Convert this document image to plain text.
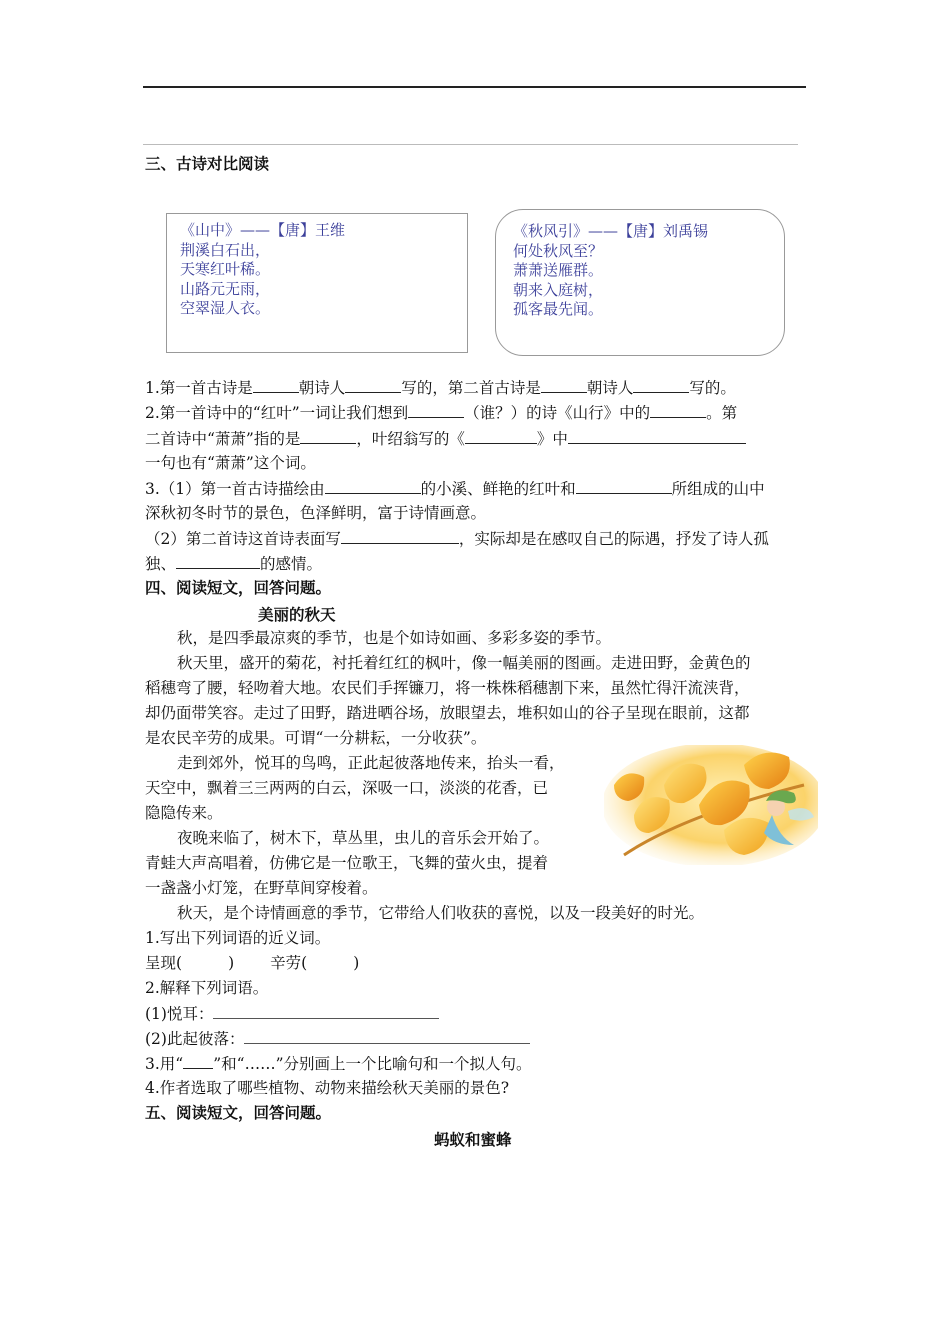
三、古诗对比阅读
《山中》——【唐】王维
荆溪白石出，
天寒红叶稀。
山路元无雨，
空翠湿人衣。
《秋风引》——【唐】刘禹锡
何处秋风至？
萧萧送雁群。
朝来入庭树，
孤客最先闻。
1.第一首古诗是	朝诗人	写的，第二首古诗是	朝诗人	写的。
2.第一首诗中的“红叶”一词让我们想到	（谁？）的诗《山行》中的	。第
二首诗中“萧萧”指的是	，叶绍翁写的《	》中
一句也有“萧萧”这个词。
3.（1）第一首古诗描绘由	的小溪、鲜艳的红叶和	所组成的山中
深秋初冬时节的景色，色泽鲜明，富于诗情画意。
（2）第二首诗这首诗表面写	，实际却是在感叹自己的际遇，抒发了诗人孤
独、	的感情。
四、阅读短文，回答问题。
美丽的秋天
秋，是四季最凉爽的季节，也是个如诗如画、多彩多姿的季节。
秋天里，盛开的菊花，衬托着红红的枫叶，像一幅美丽的图画。走进田野，金黄色的
稻穗弯了腰，轻吻着大地。农民们手挥镰刀，将一株株稻穗割下来，虽然忙得汗流浃背，
却仍面带笑容。走过了田野，踏进晒谷场，放眼望去，堆积如山的谷子呈现在眼前，这都
是农民辛劳的成果。可谓“一分耕耘，一分收获”。
走到郊外，悦耳的鸟鸣，正此起彼落地传来，抬头一看，
天空中，飘着三三两两的白云，深吸一口，淡淡的花香，已
隐隐传来。
夜晚来临了，树木下，草丛里，虫儿的音乐会开始了。
青蛙大声高唱着，仿佛它是一位歌王，飞舞的萤火虫，提着
一盏盏小灯笼，在野草间穿梭着。
秋天，是个诗情画意的季节，它带给人们收获的喜悦，以及一段美好的时光。
1.写出下列词语的近义词。
呈现(	) 辛劳(	)
2.解释下列词语。
(1)悦耳：
(2)此起彼落：
3.用“ ”和“……”分别画上一个比喻句和一个拟人句。
4.作者选取了哪些植物、动物来描绘秋天美丽的景色?
五、阅读短文，回答问题。
蚂蚁和蜜蜂
